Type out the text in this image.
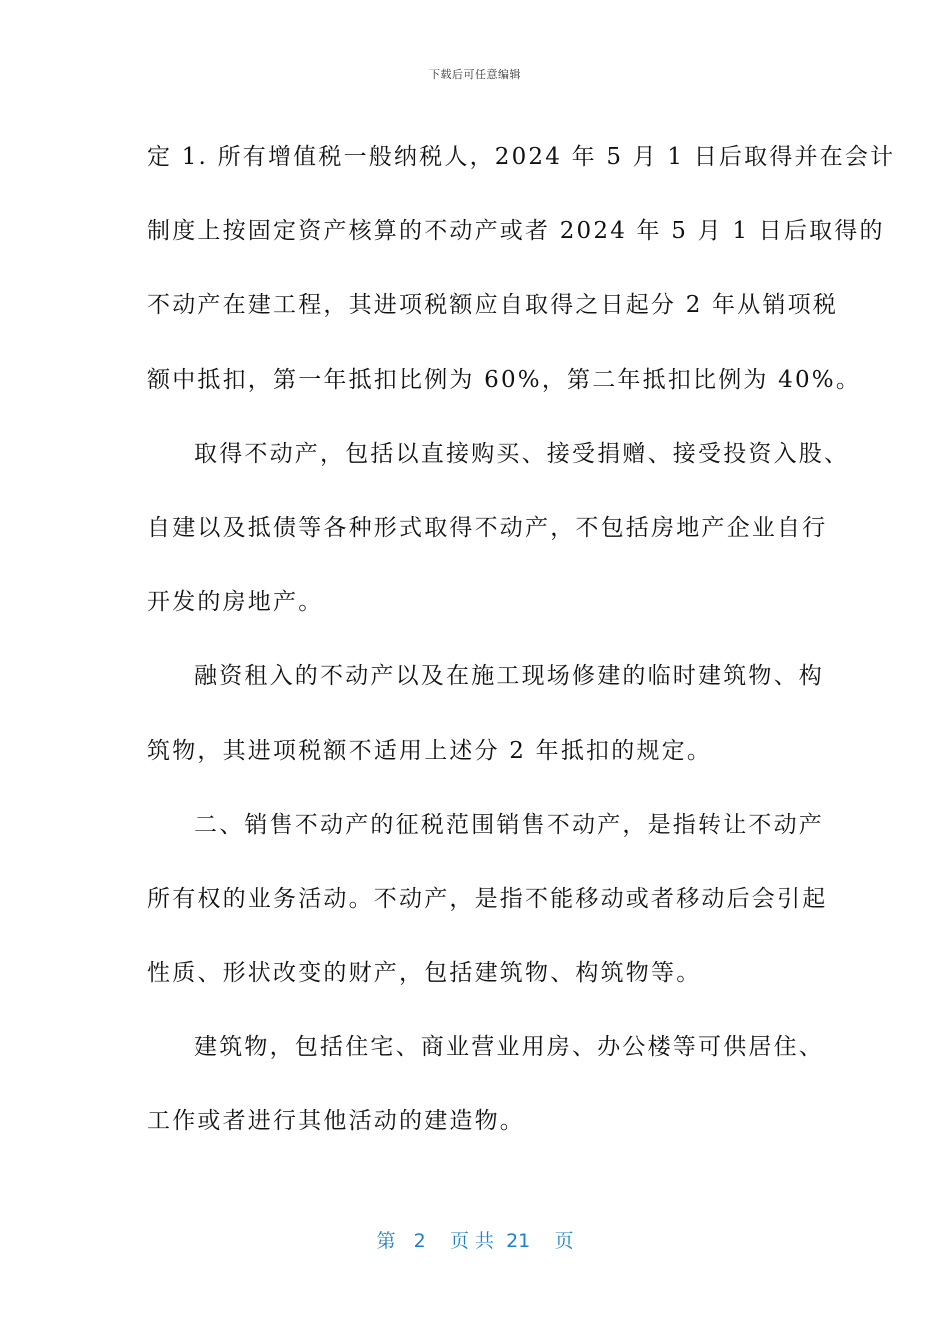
下载后可任意编辑
定 1. 所有增值税一般纳税人，2024 年 5 月 1 日后取得并在会计
制度上按固定资产核算的不动产或者 2024 年 5 月 1 日后取得的
不动产在建工程，其进项税额应自取得之日起分 2 年从销项税
额中抵扣，第一年抵扣比例为 60%，第二年抵扣比例为 40%。
取得不动产，包括以直接购买、接受捐赠、接受投资入股、
自建以及抵债等各种形式取得不动产，不包括房地产企业自行
开发的房地产。
融资租入的不动产以及在施工现场修建的临时建筑物、构
筑物，其进项税额不适用上述分 2 年抵扣的规定。
二、销售不动产的征税范围销售不动产，是指转让不动产
所有权的业务活动。不动产，是指不能移动或者移动后会引起
性质、形状改变的财产，包括建筑物、构筑物等。
建筑物，包括住宅、商业营业用房、办公楼等可供居住、
工作或者进行其他活动的建造物。
第 2 页 共 21 页
